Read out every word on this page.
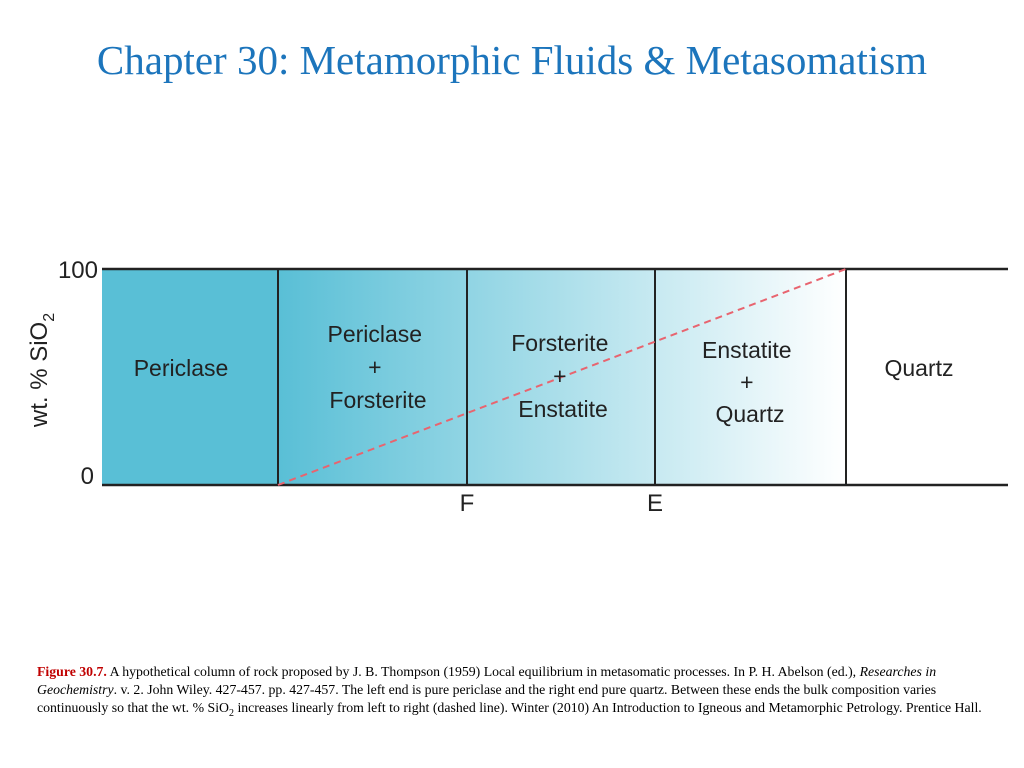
Chapter 30: Metamorphic Fluids & Metasomatism
100
0
wt. % SiO$_2$
F	E
Periclase
Periclase + Forsterite
Forsterite + Enstatite
Enstatite + Quartz
Quartz
Figure 30.7. A hypothetical column of rock proposed by J. B. Thompson (1959) Local equilibrium in metasomatic processes. In P. H. Abelson (ed.), Researches in Geochemistry. v. 2. John Wiley. 427-457. pp. 427-457. The left end is pure periclase and the right end pure quartz. Between these ends the bulk composition varies continuously so that the wt. % SiO$_2$ increases linearly from left to right (dashed line). Winter (2010) An Introduction to Igneous and Metamorphic Petrology. Prentice Hall.
